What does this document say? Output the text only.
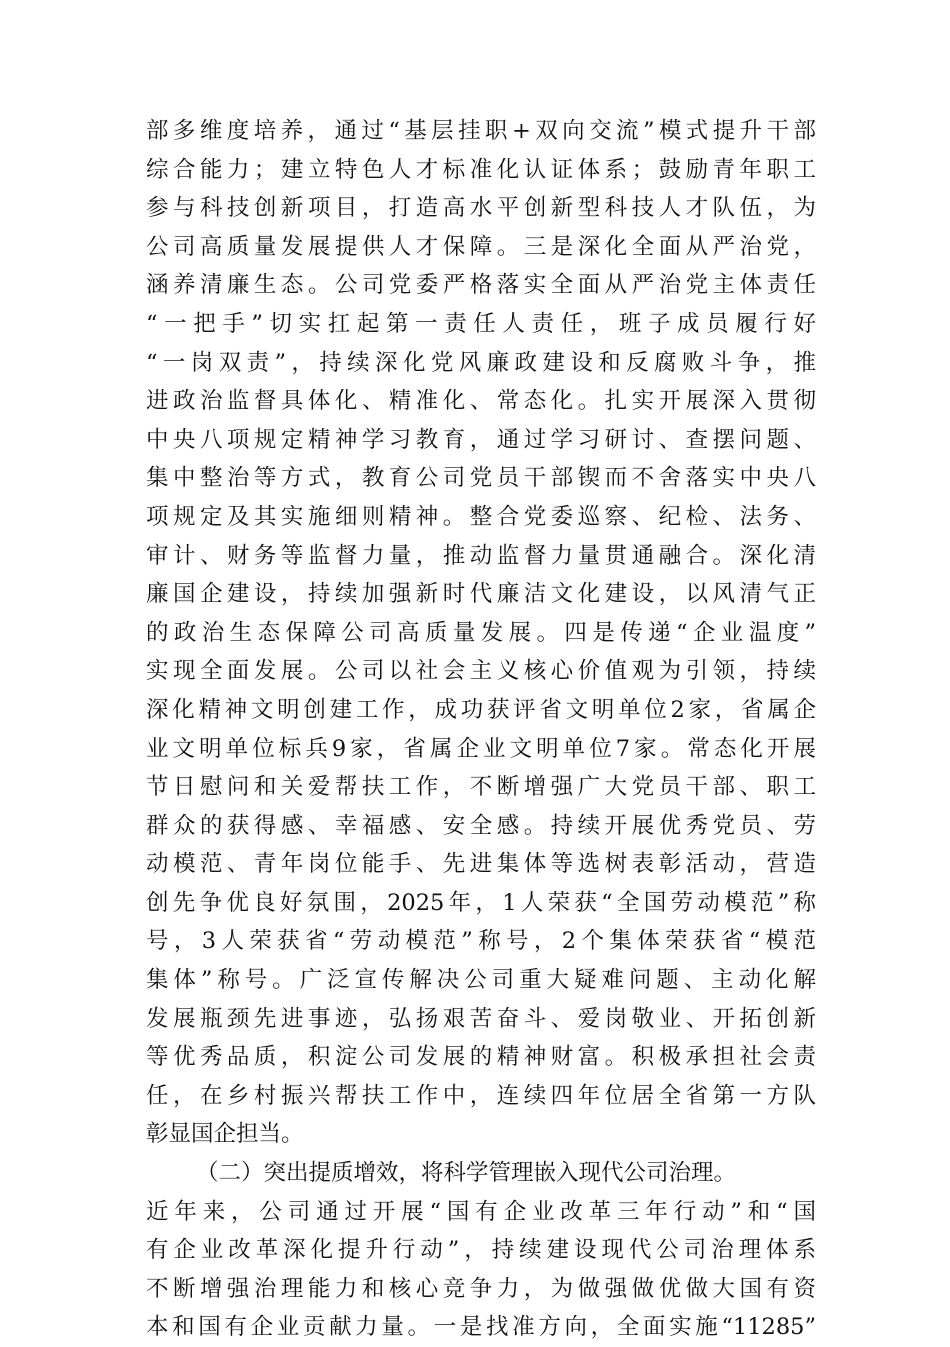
部多维度培养，通过“基层挂职+双向交流”模式提升干部
综合能力；建立特色人才标准化认证体系；鼓励青年职工
参与科技创新项目，打造高水平创新型科技人才队伍，为
公司高质量发展提供人才保障。三是深化全面从严治党，
涵养清廉生态。公司党委严格落实全面从严治党主体责任
“一把手”切实扛起第一责任人责任，班子成员履行好
“一岗双责”，持续深化党风廉政建设和反腐败斗争，推
进政治监督具体化、精准化、常态化。扎实开展深入贯彻
中央八项规定精神学习教育，通过学习研讨、查摆问题、
集中整治等方式，教育公司党员干部锲而不舍落实中央八
项规定及其实施细则精神。整合党委巡察、纪检、法务、
审计、财务等监督力量，推动监督力量贯通融合。深化清
廉国企建设，持续加强新时代廉洁文化建设，以风清气正
的政治生态保障公司高质量发展。四是传递“企业温度”
实现全面发展。公司以社会主义核心价值观为引领，持续
深化精神文明创建工作，成功获评省文明单位2家，省属企
业文明单位标兵9家，省属企业文明单位7家。常态化开展
节日慰问和关爱帮扶工作，不断增强广大党员干部、职工
群众的获得感、幸福感、安全感。持续开展优秀党员、劳
动模范、青年岗位能手、先进集体等选树表彰活动，营造
创先争优良好氛围，2025年，1人荣获“全国劳动模范”称
号，3人荣获省“劳动模范”称号，2个集体荣获省“模范
集体”称号。广泛宣传解决公司重大疑难问题、主动化解
发展瓶颈先进事迹，弘扬艰苦奋斗、爱岗敬业、开拓创新
等优秀品质，积淀公司发展的精神财富。积极承担社会责
任，在乡村振兴帮扶工作中，连续四年位居全省第一方队
彰显国企担当。
（二）突出提质增效，将科学管理嵌入现代公司治理。
近年来，公司通过开展“国有企业改革三年行动”和“国
有企业改革深化提升行动”，持续建设现代公司治理体系
不断增强治理能力和核心竞争力，为做强做优做大国有资
本和国有企业贡献力量。一是找准方向，全面实施“11285”
